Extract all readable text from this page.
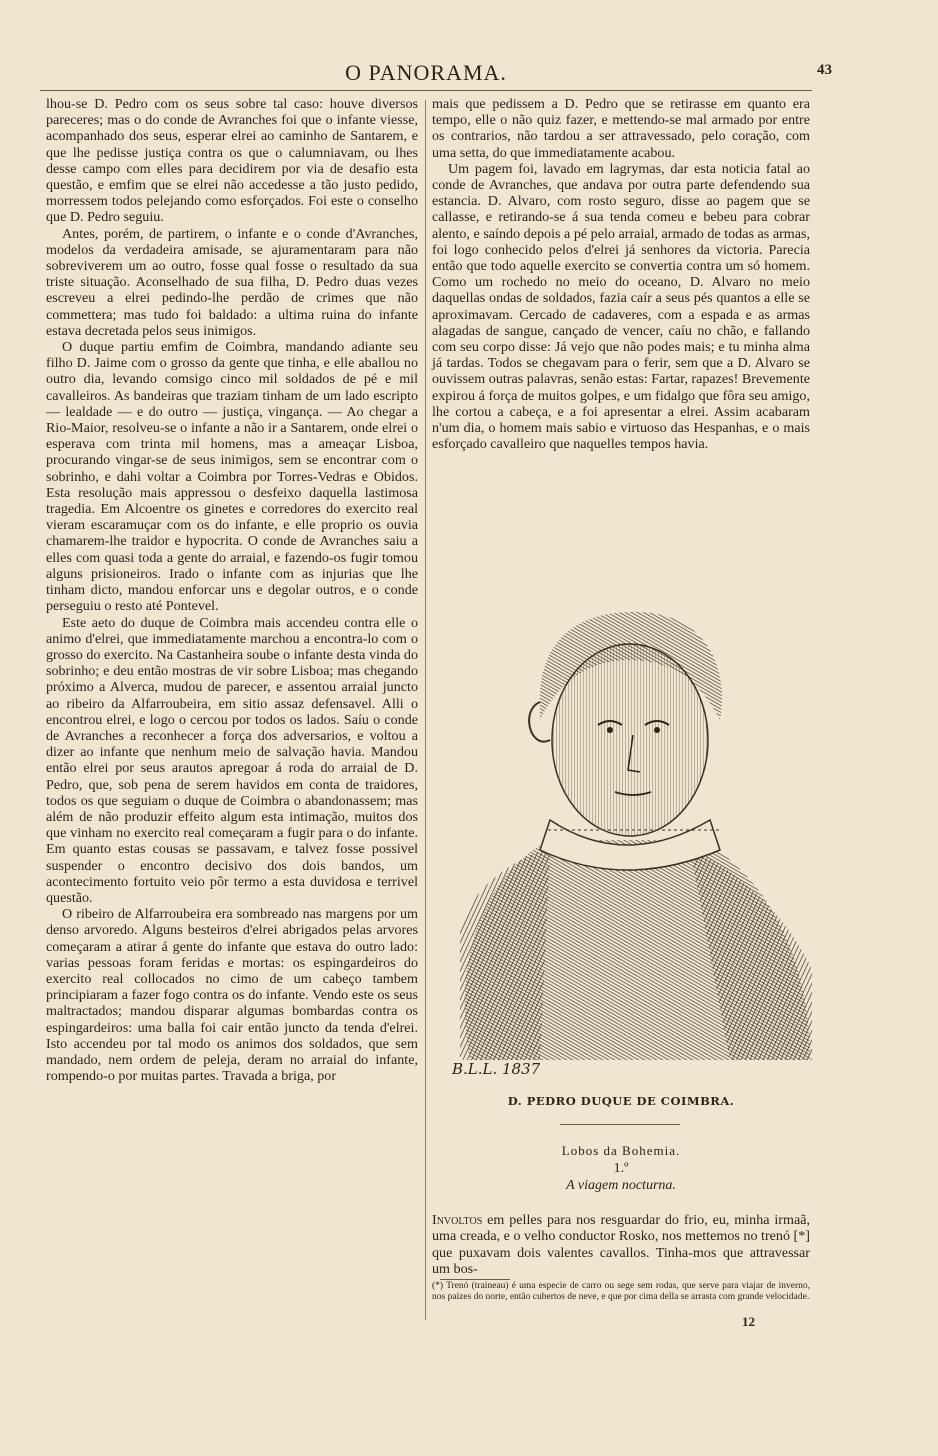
O PANORAMA.	43

lhou-se D. Pedro com os seus sobre tal caso: houve diversos pareceres; mas o do conde de Avranches foi que o infante viesse, acompanhado dos seus, esperar elrei ao caminho de Santarem, e que lhe pedisse justiça contra os que o calumniavam, ou lhes desse campo com elles para decidirem por via de desafio esta questão, e emfim que se elrei não accedesse a tão justo pedido, morressem todos pelejando como esforçados. Foi este o conselho que D. Pedro seguiu.

Antes, porém, de partirem, o infante e o conde d'Avranches, modelos da verdadeira amisade, se ajuramentaram para não sobreviverem um ao outro, fosse qual fosse o resultado da sua triste situação. Aconselhado de sua filha, D. Pedro duas vezes escreveu a elrei pedindo-lhe perdão de crimes que não commettera; mas tudo foi baldado: a ultima ruina do infante estava decretada pelos seus inimigos.

O duque partiu emfim de Coimbra, mandando adiante seu filho D. Jaime com o grosso da gente que tinha, e elle aballou no outro dia, levando comsigo cinco mil soldados de pé e mil cavalleiros. As bandeiras que traziam tinham de um lado escripto — lealdade — e do outro — justiça, vingança. — Ao chegar a Rio-Maior, resolveu-se o infante a não ir a Santarem, onde elrei o esperava com trinta mil homens, mas a ameaçar Lisboa, procurando vingar-se de seus inimigos, sem se encontrar com o sobrinho, e dahi voltar a Coimbra por Torres-Vedras e Obidos. Esta resolução mais appressou o desfeixo daquella lastimosa tragedia. Em Alcoentre os ginetes e corredores do exercito real vieram escaramuçar com os do infante, e elle proprio os ouvia chamarem-lhe traidor e hypocrita. O conde de Avranches saiu a elles com quasi toda a gente do arraial, e fazendo-os fugir tomou alguns prisioneiros. Irado o infante com as injurias que lhe tinham dicto, mandou enforcar uns e degolar outros, e o conde perseguiu o resto até Pontevel.

Este aeto do duque de Coimbra mais accendeu contra elle o animo d'elrei, que immediatamente marchou a encontra-lo com o grosso do exercito. Na Castanheira soube o infante desta vinda do sobrinho; e deu então mostras de vir sobre Lisboa; mas chegando próximo a Alverca, mudou de parecer, e assentou arraial juncto ao ribeiro da Alfarroubeira, em sitio assaz defensavel. Alli o encontrou elrei, e logo o cercou por todos os lados. Saíu o conde de Avranches a reconhecer a força dos adversarios, e voltou a dizer ao infante que nenhum meio de salvação havia. Mandou então elrei por seus arautos apregoar á roda do arraial de D. Pedro, que, sob pena de serem havidos em conta de traidores, todos os que seguiam o duque de Coimbra o abandonassem; mas além de não produzir effeito algum esta intimação, muitos dos que vinham no exercito real começaram a fugir para o do infante. Em quanto estas cousas se passavam, e talvez fosse possivel suspender o encontro decisivo dos dois bandos, um acontecimento fortuito veio pôr termo a esta duvidosa e terrivel questão.

O ribeiro de Alfarroubeira era sombreado nas margens por um denso arvoredo. Alguns besteiros d'elrei abrigados pelas arvores começaram a atirar á gente do infante que estava do outro lado: varias pessoas foram feridas e mortas: os espingardeiros do exercito real collocados no cimo de um cabeço tambem principiaram a fazer fogo contra os do infante. Vendo este os seus maltractados; mandou disparar algumas bombardas contra os espingardeiros: uma balla foi cair então juncto da tenda d'elrei. Isto accendeu por tal modo os animos dos soldados, que sem mandado, nem ordem de peleja, deram no arraial do infante, rompendo-o por muitas partes. Travada a briga, por

mais que pedissem a D. Pedro que se retirasse em quanto era tempo, elle o não quiz fazer, e mettendo-se mal armado por entre os contrarios, não tardou a ser attravessado, pelo coração, com uma setta, do que immediatamente acabou.

Um pagem foi, lavado em lagrymas, dar esta noticia fatal ao conde de Avranches, que andava por outra parte defendendo sua estancia. D. Alvaro, com rosto seguro, disse ao pagem que se callasse, e retirando-se á sua tenda comeu e bebeu para cobrar alento, e saíndo depois a pé pelo arraial, armado de todas as armas, foi logo conhecido pelos d'elrei já senhores da victoria. Parecia então que todo aquelle exercito se convertia contra um só homem. Como um rochedo no meio do oceano, D. Alvaro no meio daquellas ondas de soldados, fazia caír a seus pés quantos a elle se aproximavam. Cercado de cadaveres, com a espada e as armas alagadas de sangue, cançado de vencer, caíu no chão, e fallando com seu corpo disse: Já vejo que não podes mais; e tu minha alma já tardas. Todos se chegavam para o ferir, sem que a D. Alvaro se ouvissem outras palavras, senão estas: Fartar, rapazes! Brevemente expirou á força de muitos golpes, e um fidalgo que fôra seu amigo, lhe cortou a cabeça, e a foi apresentar a elrei. Assim acabaram n'um dia, o homem mais sabio e virtuoso das Hespanhas, e o mais esforçado cavalleiro que naquelles tempos havia.

B.L.L. 1837
D. PEDRO DUQUE DE COIMBRA.
Lobos da Bohemia.
1.º
A viagem nocturna.
Involtos em pelles para nos resguardar do frio, eu, minha irmaã, uma creada, e o velho conductor Rosko, nos mettemos no trenó [*] que puxavam dois valentes cavallos. Tinha-mos que attravessar um bos-
(*) Trenó (traineau) é uma especie de carro ou sege sem rodas, que serve para viajar de inverno, nos paizes do norte, então cubertos de neve, e que por cima della se arrasta com grande velocidade.
12
